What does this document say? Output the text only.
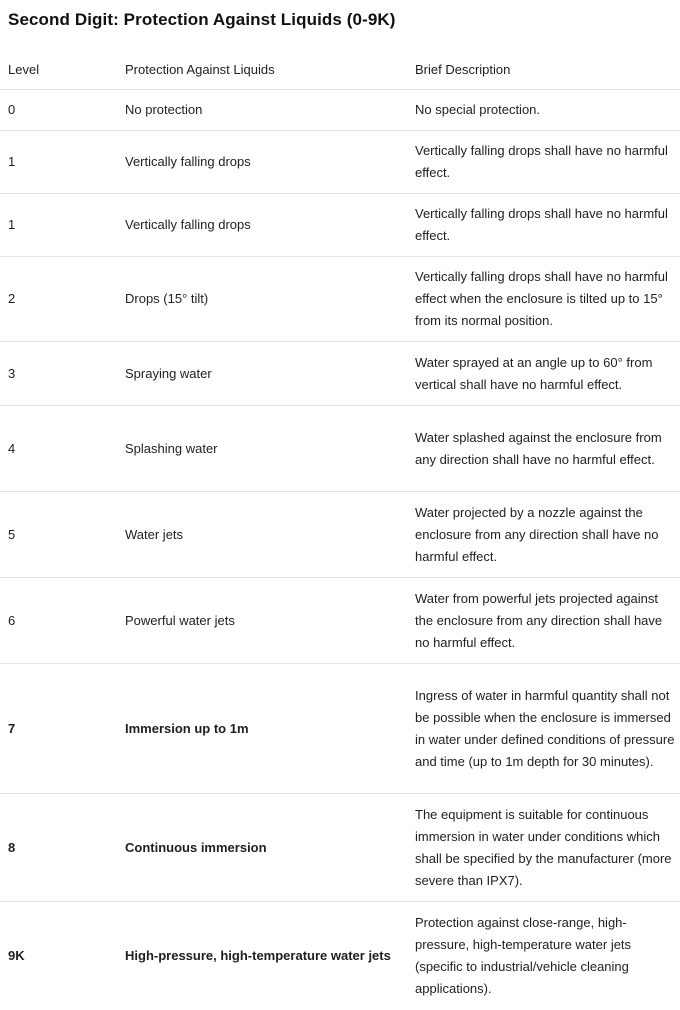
Second Digit: Protection Against Liquids (0-9K)
Level	Protection Against Liquids	Brief Description
0	No protection	No special protection.
1	Vertically falling drops	Vertically falling drops shall have no harmful effect.
1	Vertically falling drops	Vertically falling drops shall have no harmful effect.
2	Drops (15° tilt)	Vertically falling drops shall have no harmful effect when the enclosure is tilted up to 15° from its normal position.
3	Spraying water	Water sprayed at an angle up to 60° from vertical shall have no harmful effect.
4	Splashing water	Water splashed against the enclosure from any direction shall have no harmful effect.
5	Water jets	Water projected by a nozzle against the enclosure from any direction shall have no harmful effect.
6	Powerful water jets	Water from powerful jets projected against the enclosure from any direction shall have no harmful effect.
7	Immersion up to 1m	Ingress of water in harmful quantity shall not be possible when the enclosure is immersed in water under defined conditions of pressure and time (up to 1m depth for 30 minutes).
8	Continuous immersion	The equipment is suitable for continuous immersion in water under conditions which shall be specified by the manufacturer (more severe than IPX7).
9K	High-pressure, high-temperature water jets	Protection against close-range, high-pressure, high-temperature water jets (specific to industrial/vehicle cleaning applications).
